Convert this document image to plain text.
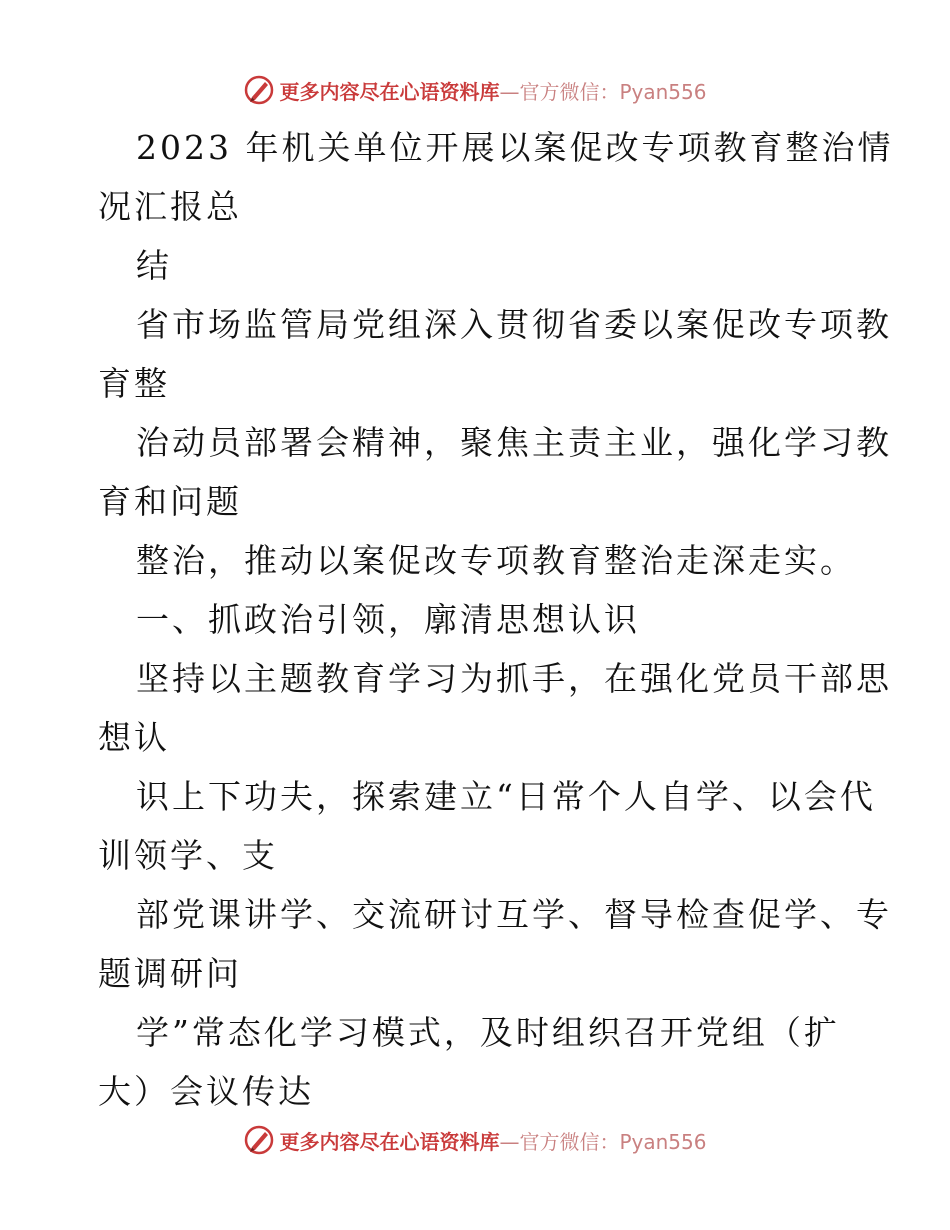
更多内容尽在心语资料库—官方微信：Pyan556
2023 年机关单位开展以案促改专项教育整治情
况汇报总
结
省市场监管局党组深入贯彻省委以案促改专项教
育整
治动员部署会精神，聚焦主责主业，强化学习教
育和问题
整治，推动以案促改专项教育整治走深走实。
一、抓政治引领，廓清思想认识
坚持以主题教育学习为抓手，在强化党员干部思
想认
识上下功夫，探索建立“日常个人自学、以会代
训领学、支
部党课讲学、交流研讨互学、督导检查促学、专
题调研问
学”常态化学习模式，及时组织召开党组（扩
大）会议传达
更多内容尽在心语资料库—官方微信：Pyan556
